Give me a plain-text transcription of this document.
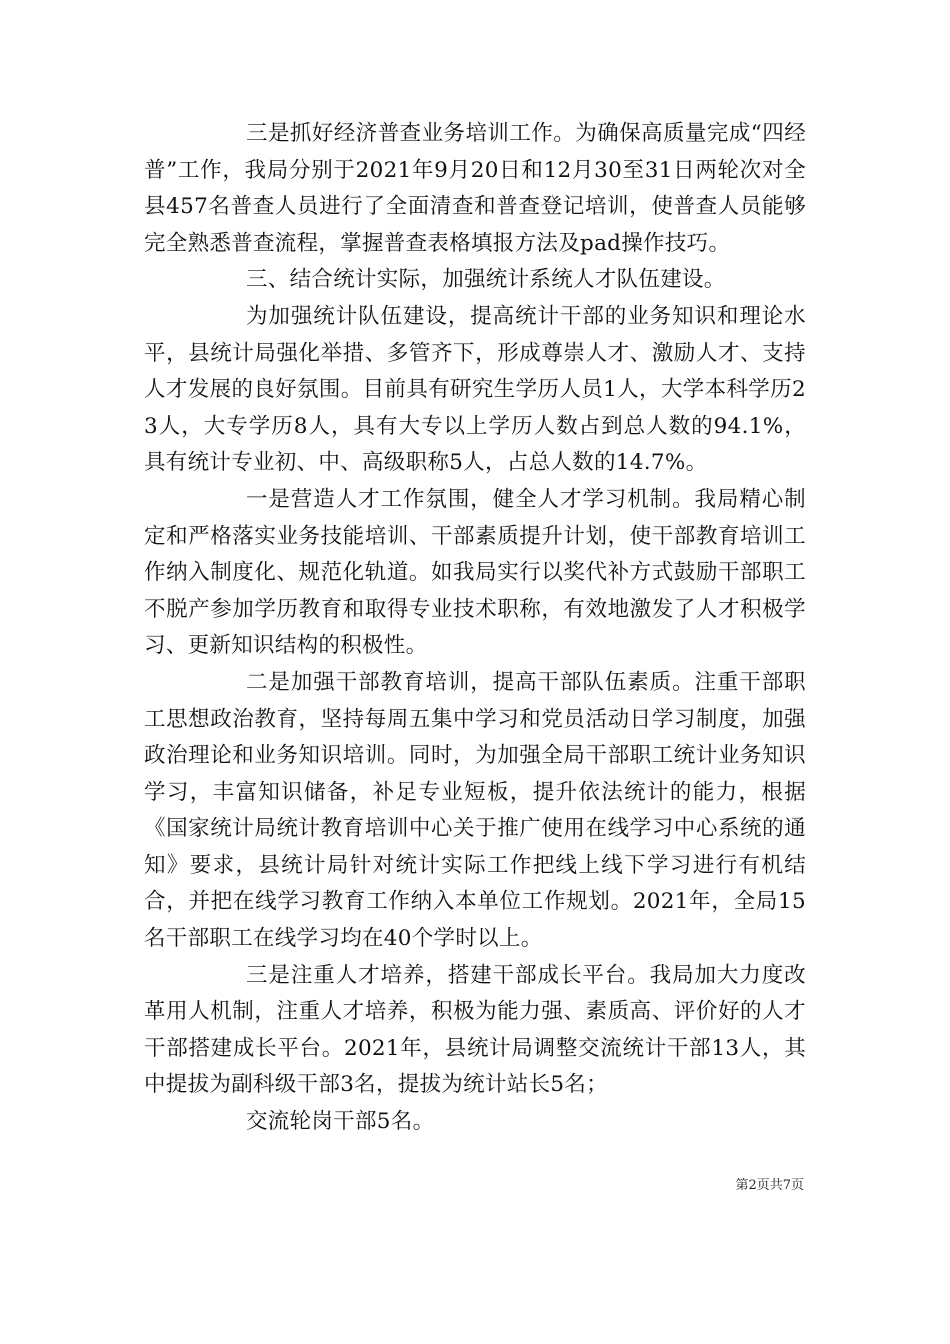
三是抓好经济普查业务培训工作。为确保高质量完成“四经普”工作，我局分别于2021年9月20日和12月30至31日两轮次对全县457名普查人员进行了全面清查和普查登记培训，使普查人员能够完全熟悉普查流程，掌握普查表格填报方法及pad操作技巧。

三、结合统计实际，加强统计系统人才队伍建设。

为加强统计队伍建设，提高统计干部的业务知识和理论水平，县统计局强化举措、多管齐下，形成尊崇人才、激励人才、支持人才发展的良好氛围。目前具有研究生学历人员1人，大学本科学历23人，大专学历8人，具有大专以上学历人数占到总人数的94.1%，具有统计专业初、中、高级职称5人，占总人数的14.7%。

一是营造人才工作氛围，健全人才学习机制。我局精心制定和严格落实业务技能培训、干部素质提升计划，使干部教育培训工作纳入制度化、规范化轨道。如我局实行以奖代补方式鼓励干部职工不脱产参加学历教育和取得专业技术职称，有效地激发了人才积极学习、更新知识结构的积极性。

二是加强干部教育培训，提高干部队伍素质。注重干部职工思想政治教育，坚持每周五集中学习和党员活动日学习制度，加强政治理论和业务知识培训。同时，为加强全局干部职工统计业务知识学习，丰富知识储备，补足专业短板，提升依法统计的能力，根据《国家统计局统计教育培训中心关于推广使用在线学习中心系统的通知》要求，县统计局针对统计实际工作把线上线下学习进行有机结合，并把在线学习教育工作纳入本单位工作规划。2021年，全局15名干部职工在线学习均在40个学时以上。

三是注重人才培养，搭建干部成长平台。我局加大力度改革用人机制，注重人才培养，积极为能力强、素质高、评价好的人才干部搭建成长平台。2021年，县统计局调整交流统计干部13人，其中提拔为副科级干部3名，提拔为统计站长5名；

交流轮岗干部5名。

第2页共7页
